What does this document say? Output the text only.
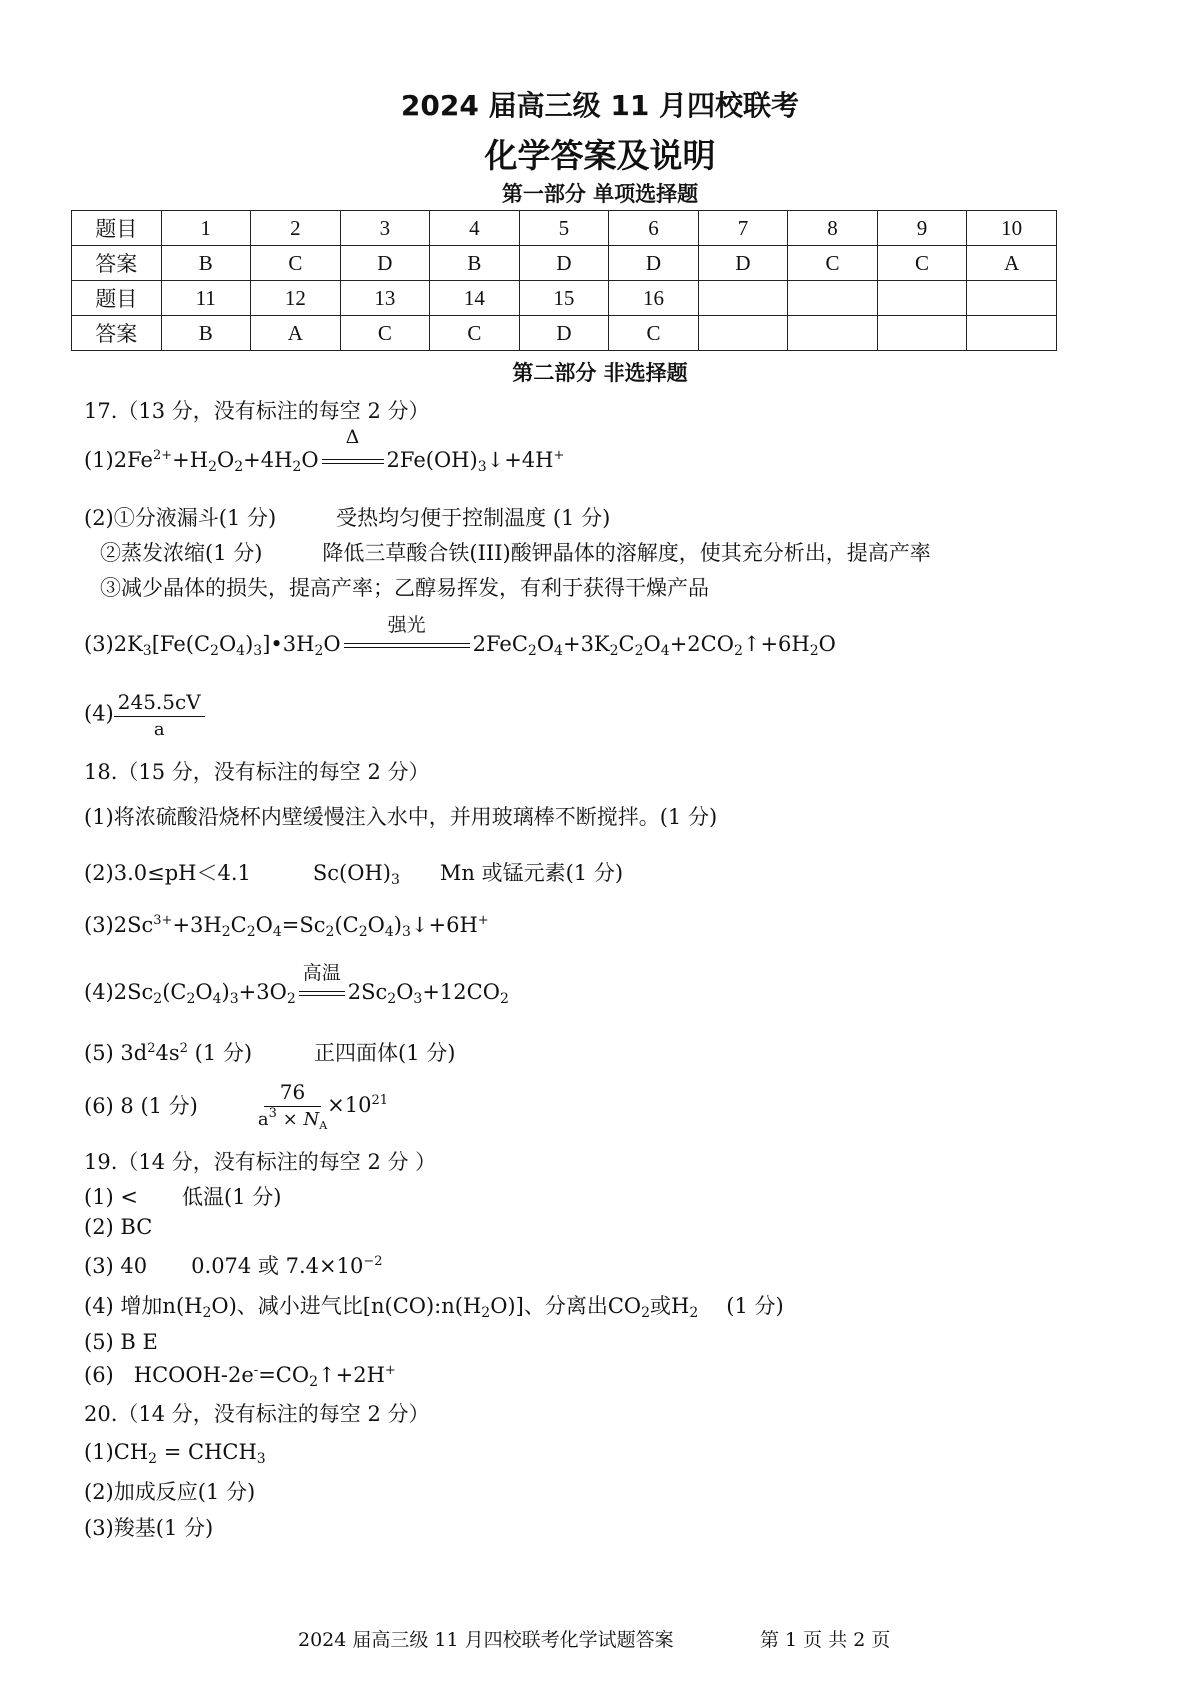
2024 届高三级 11 月四校联考
化学答案及说明
第一部分 单项选择题
题目	1	2	3	4	5	6	7	8	9	10
答案	B	C	D	B	D	D	D	C	C	A
题目	11	12	13	14	15	16				
答案	B	A	C	C	D	C				
第二部分 非选择题
17.（13 分，没有标注的每空 2 分）
$(1)2Fe^{2+}+H_2O_2+4H_2O$
Δ
$2Fe(OH)_3↓+4H^+$
(2)①分液漏斗(1 分)	受热均匀便于控制温度 (1 分)
②蒸发浓缩(1 分)	降低三草酸合铁(III)酸钾晶体的溶解度，使其充分析出，提高产率
③减少晶体的损失，提高产率；乙醇易挥发，有利于获得干燥产品
$(3)2K_3[Fe(C_2O_4)_3]•3H_2O$
强光
$2FeC_2O_4+3K_2C_2O_4+2CO_2↑+6H_2O$
$(4) \frac{245.5cV}{a}$
18.（15 分，没有标注的每空 2 分）
(1)将浓硫酸沿烧杯内壁缓慢注入水中，并用玻璃棒不断搅拌。(1 分)
(2)3.0≤pH＜4.1	$Sc(OH)_3$ Mn 或锰元素(1 分)
$(3)2Sc^{3+}+3H_2C_2O_4=Sc_2(C_2O_4)_3↓+6H^+$
$(4)2Sc_2(C_2O_4)_3+3O_2$
高温
$2Sc_2O_3+12CO_2$
(5) $3d^24s^2$ (1 分)	正四面体(1 分)
(6) 8 (1 分)	$\frac{76}{a^3 \times N_A} \times 10^{21}$
19.（14 分，没有标注的每空 2 分 ）
(1) < 低温(1 分)
(2) BC
(3) 40 0.074 或 $7.4\times 10^{-2}$
(4) 增加$n(H_2O)$、减小进气比$[n(CO):n(H_2O)]$、分离出$CO_2$或$H_2$ (1 分)
(5) B E
(6)   HCOOH-$2e^-=CO_2↑+2H^+$
20.（14 分，没有标注的每空 2 分）
$(1)CH_2$ = $CHCH_3$
(2)加成反应(1 分)
(3)羧基(1 分)
2024 届高三级 11 月四校联考化学试题答案	第 1 页 共 2 页
